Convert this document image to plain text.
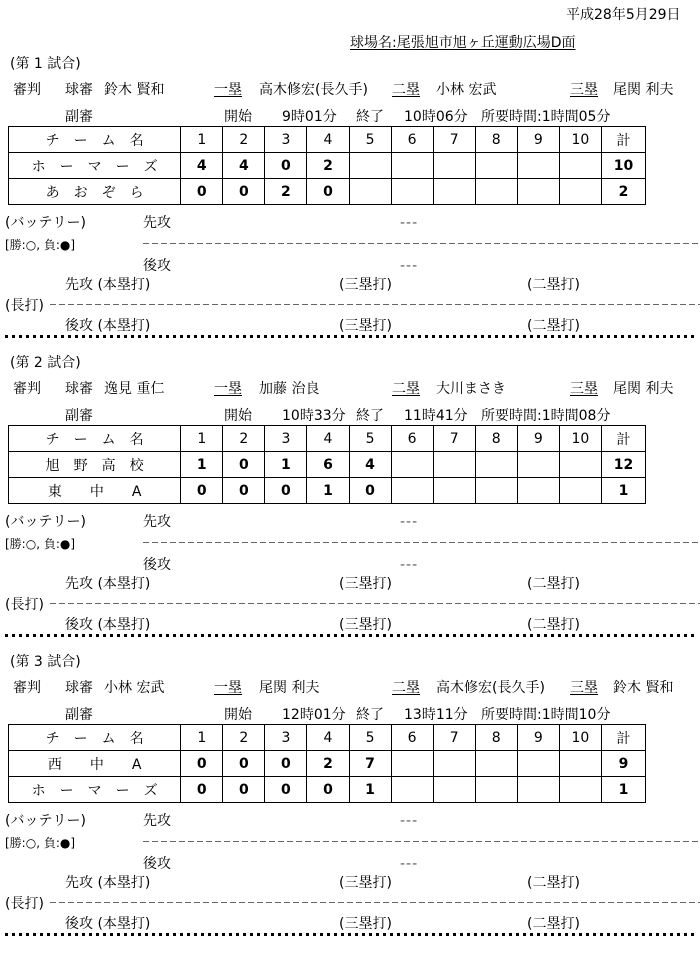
平成28年5月29日
球場名:尾張旭市旭ヶ丘運動広場D面
(第 1 試合)
審判 球審 鈴木 賢和	一塁 高木修宏(長久手) 二塁 小林 宏武	三塁 尾関 利夫
副審	開始 9時01分 終了 10時06分 所要時間:1時間05分
チ　ー　ム　名	1	2	3	4	5	6	7	8	9	10	計
ホ　ー　マ　ー　ズ	4	4	0	2							10
あ　お　ぞ　ら	0	0	2	0							2
(バッテリー)	先攻	---
[勝:○, 負:●]
後攻	---
先攻 (本塁打)	(三塁打)	(二塁打)
(長打)
後攻 (本塁打)	(三塁打)	(二塁打)
(第 2 試合)
審判 球審 逸見 重仁	一塁 加藤 治良	二塁 大川まさき	三塁 尾関 利夫
副審	開始 10時33分 終了 11時41分 所要時間:1時間08分
チ　ー　ム　名	1	2	3	4	5	6	7	8	9	10	計
旭　野　高　校	1	0	1	6	4						12
東　　中　　A	0	0	0	1	0						1
(バッテリー)	先攻	---
[勝:○, 負:●]
後攻	---
先攻 (本塁打)	(三塁打)	(二塁打)
(長打)
後攻 (本塁打)	(三塁打)	(二塁打)
(第 3 試合)
審判 球審 小林 宏武	一塁 尾関 利夫	二塁 高木修宏(長久手) 三塁 鈴木 賢和
副審	開始 12時01分 終了 13時11分 所要時間:1時間10分
チ　ー　ム　名	1	2	3	4	5	6	7	8	9	10	計
西　　中　　A	0	0	0	2	7						9
ホ　ー　マ　ー　ズ	0	0	0	0	1						1
(バッテリー)	先攻	---
[勝:○, 負:●]
後攻	---
先攻 (本塁打)	(三塁打)	(二塁打)
(長打)
後攻 (本塁打)	(三塁打)	(二塁打)
